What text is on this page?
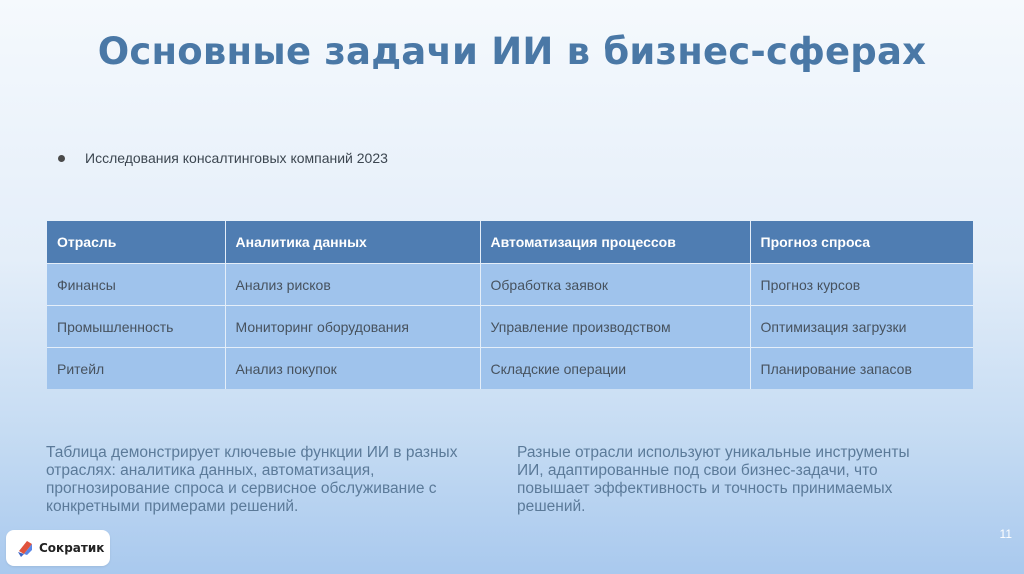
Основные задачи ИИ в бизнес-сферах
Исследования консалтинговых компаний 2023
Отрасль	Аналитика данных	Автоматизация процессов	Прогноз спроса
Финансы	Анализ рисков	Обработка заявок	Прогноз курсов
Промышленность	Мониторинг оборудования	Управление производством	Оптимизация загрузки
Ритейл	Анализ покупок	Складские операции	Планирование запасов

Таблица демонстрирует ключевые функции ИИ в разных отраслях: аналитика данных, автоматизация, прогнозирование спроса и сервисное обслуживание с конкретными примерами решений.

Разные отрасли используют уникальные инструменты ИИ, адаптированные под свои бизнес-задачи, что повышает эффективность и точность принимаемых решений.

11
Сократик
